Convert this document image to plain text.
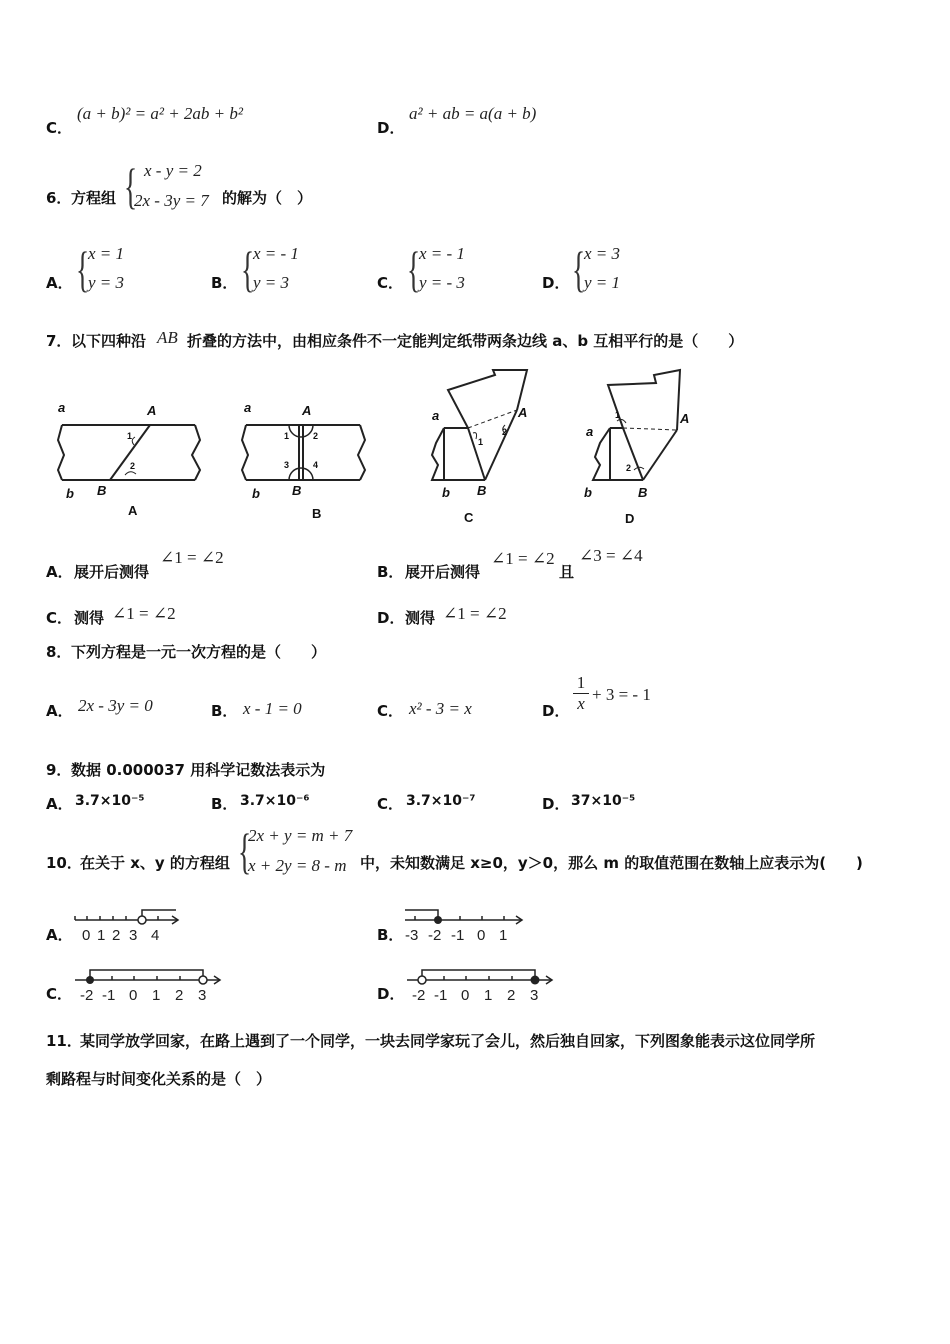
C．
(a + b)² = a² + 2ab + b²
D．
a² + ab = a(a + b)
6． 方程组 { x - y = 2
2x - 3y = 7 的解为（　）
A． {
x = 1
y = 3	B． {
x = - 1
y = 3	C． {
x = - 1
y = - 3	D． {
x = 3
y = 1
7． 以下四种沿 AB 折叠的方法中，由相应条件不一定能判定纸带两条边线 a、b 互相平行的是（　　）
a	A
1
2
b B
A
a	A
1	2
3	4
b B
B
a	A
1
2
b B
C
a
A
1
2
b	B
D
A． 展开后测得
∠1 = ∠2
B． 展开后测得
∠1 = ∠2
且
∠3 = ∠4
C． 测得 ∠1 = ∠2	D． 测得 ∠1 = ∠2
8． 下列方程是一元一次方程的是（　　）
A． 2x - 3y = 0	B． x - 1 = 0	C． x² - 3 = x	D．
1
x + 3 = - 1
9． 数据 0.000037 用科学记数法表示为
A． 3.7×10⁻⁵	B． 3.7×10⁻⁶	C． 3.7×10⁻⁷	D． 37×10⁻⁵
10．
在关于 x、y 的方程组 {
2x + y = m + 7
x + 2y = 8 - m 中，未知数满足 x≥0，y＞0，那么 m 的取值范围在数轴上应表示为(　　)
A．	B．
C．	D．
0 1 2 3 4	-3 -2 -1 0 1
-2 -1 0 1 2 3	-2 -1 0 1 2 3
11．
某同学放学回家，在路上遇到了一个同学，一块去同学家玩了会儿，然后独自回家，下列图象能表示这位同学所
剩路程与时间变化关系的是（　）
